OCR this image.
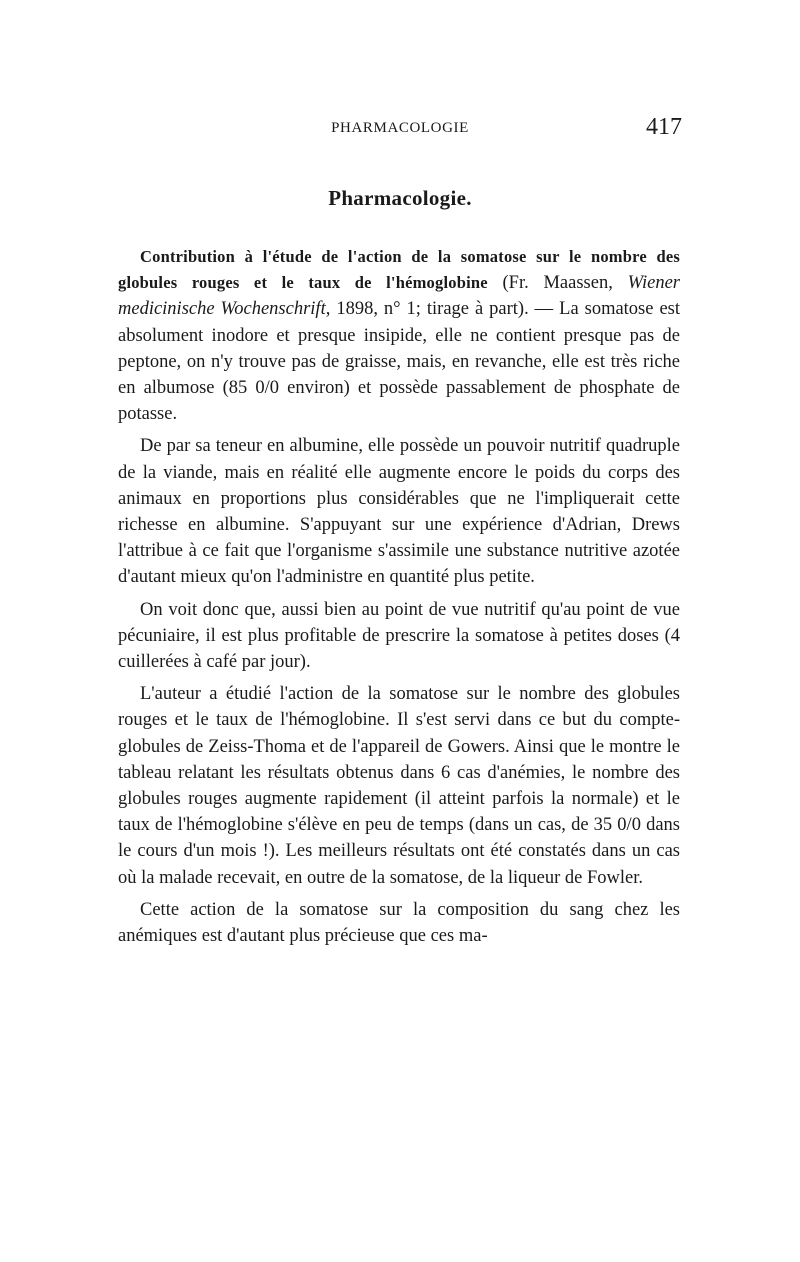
PHARMACOLOGIE	417
Pharmacologie.

Contribution à l'étude de l'action de la somatose sur le nombre des globules rouges et le taux de l'hémoglobine (Fr. Maassen, Wiener medicinische Wochenschrift, 1898, n° 1; tirage à part). — La somatose est absolument inodore et presque insipide, elle ne contient presque pas de peptone, on n'y trouve pas de graisse, mais, en revanche, elle est très riche en albumose (85 0/0 environ) et possède passablement de phosphate de potasse.

De par sa teneur en albumine, elle possède un pouvoir nutritif quadruple de la viande, mais en réalité elle augmente encore le poids du corps des animaux en proportions plus considérables que ne l'impliquerait cette richesse en albumine. S'appuyant sur une expérience d'Adrian, Drews l'attribue à ce fait que l'organisme s'assimile une substance nutritive azotée d'autant mieux qu'on l'administre en quantité plus petite.

On voit donc que, aussi bien au point de vue nutritif qu'au point de vue pécuniaire, il est plus profitable de prescrire la somatose à petites doses (4 cuillerées à café par jour).

L'auteur a étudié l'action de la somatose sur le nombre des globules rouges et le taux de l'hémoglobine. Il s'est servi dans ce but du compte-globules de Zeiss-Thoma et de l'appareil de Gowers. Ainsi que le montre le tableau relatant les résultats obtenus dans 6 cas d'anémies, le nombre des globules rouges augmente rapidement (il atteint parfois la normale) et le taux de l'hémoglobine s'élève en peu de temps (dans un cas, de 35 0/0 dans le cours d'un mois !). Les meilleurs résultats ont été constatés dans un cas où la malade recevait, en outre de la somatose, de la liqueur de Fowler.

Cette action de la somatose sur la composition du sang chez les anémiques est d'autant plus précieuse que ces ma-
